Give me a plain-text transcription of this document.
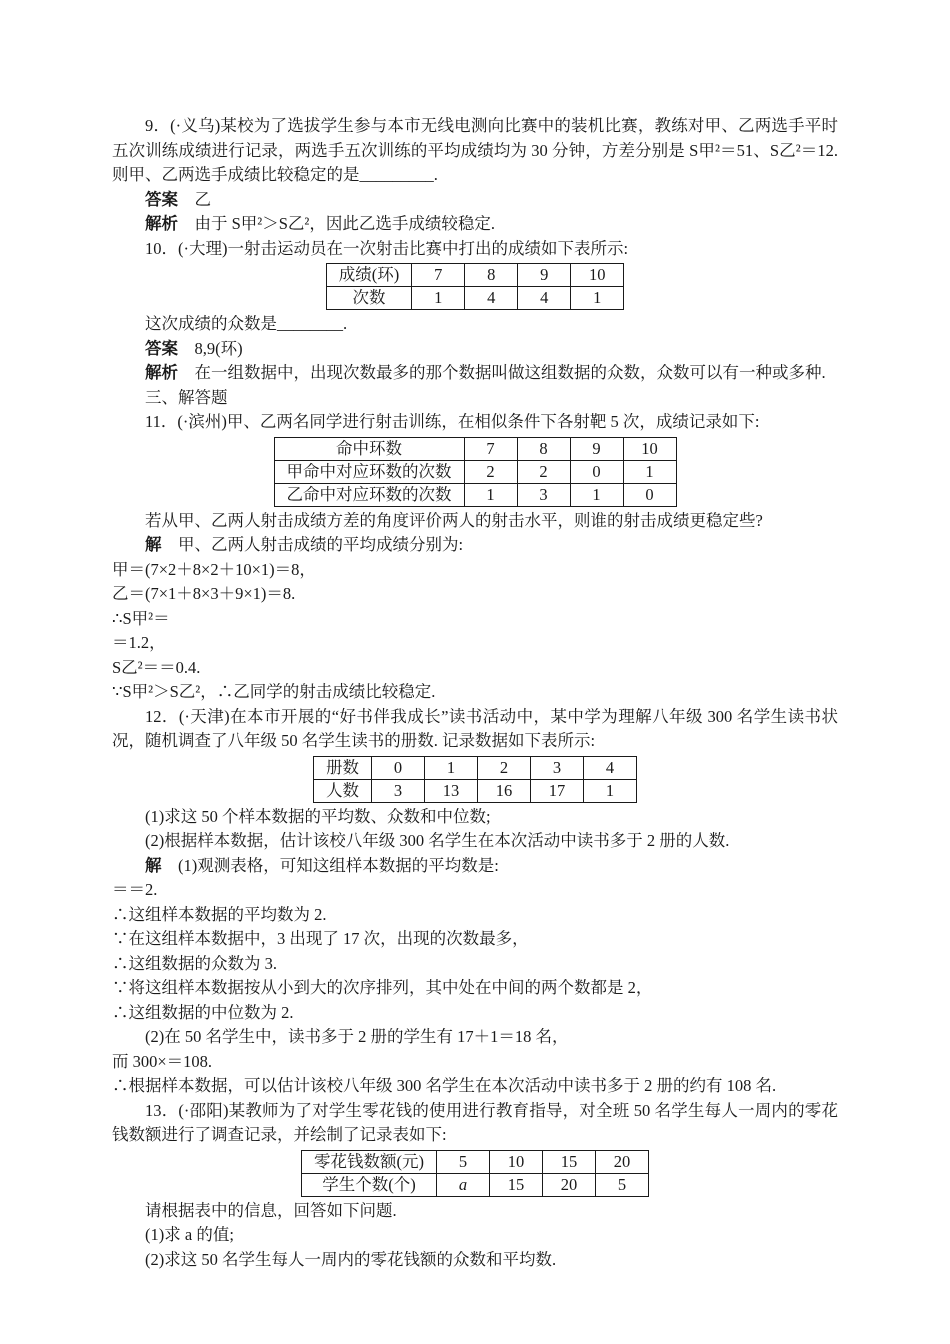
9．(·义乌)某校为了选拔学生参与本市无线电测向比赛中的装机比赛，教练对甲、乙两选手平时五次训练成绩进行记录，两选手五次训练的平均成绩均为 30 分钟，方差分别是 S甲²＝51、S乙²＝12. 则甲、乙两选手成绩比较稳定的是_________.

答案 乙

解析 由于 S甲²＞S乙²，因此乙选手成绩较稳定.

10．(·大理)一射击运动员在一次射击比赛中打出的成绩如下表所示:

成绩(环)	7	8	9	10
次数	1	4	4	1

这次成绩的众数是________.

答案 8,9(环)

解析 在一组数据中，出现次数最多的那个数据叫做这组数据的众数，众数可以有一种或多种.

三、解答题

11．(·滨州)甲、乙两名同学进行射击训练，在相似条件下各射靶 5 次，成绩记录如下:

命中环数	7	8	9	10
甲命中对应环数的次数	2	2	0	1
乙命中对应环数的次数	1	3	1	0

若从甲、乙两人射击成绩方差的角度评价两人的射击水平，则谁的射击成绩更稳定些?

解 甲、乙两人射击成绩的平均成绩分别为:

甲＝(7×2＋8×2＋10×1)＝8，

乙＝(7×1＋8×3＋9×1)＝8.

∴S甲²＝

＝1.2，

S乙²＝＝0.4.

∵S甲²＞S乙²，∴乙同学的射击成绩比较稳定.

12．(·天津)在本市开展的“好书伴我成长”读书活动中，某中学为理解八年级 300 名学生读书状况，随机调查了八年级 50 名学生读书的册数. 记录数据如下表所示:

册数	0	1	2	3	4
人数	3	13	16	17	1

(1)求这 50 个样本数据的平均数、众数和中位数;

(2)根据样本数据，估计该校八年级 300 名学生在本次活动中读书多于 2 册的人数.

解 (1)观测表格，可知这组样本数据的平均数是:

＝＝2.

∴这组样本数据的平均数为 2.

∵在这组样本数据中，3 出现了 17 次，出现的次数最多，

∴这组数据的众数为 3.

∵将这组样本数据按从小到大的次序排列，其中处在中间的两个数都是 2，

∴这组数据的中位数为 2.

(2)在 50 名学生中，读书多于 2 册的学生有 17＋1＝18 名，

而 300×＝108.

∴根据样本数据，可以估计该校八年级 300 名学生在本次活动中读书多于 2 册的约有 108 名.

13．(·邵阳)某教师为了对学生零花钱的使用进行教育指导，对全班 50 名学生每人一周内的零花钱数额进行了调查记录，并绘制了记录表如下:

零花钱数额(元)	5	10	15	20
学生个数(个)	a	15	20	5

请根据表中的信息，回答如下问题.

(1)求 a 的值;

(2)求这 50 名学生每人一周内的零花钱额的众数和平均数.
